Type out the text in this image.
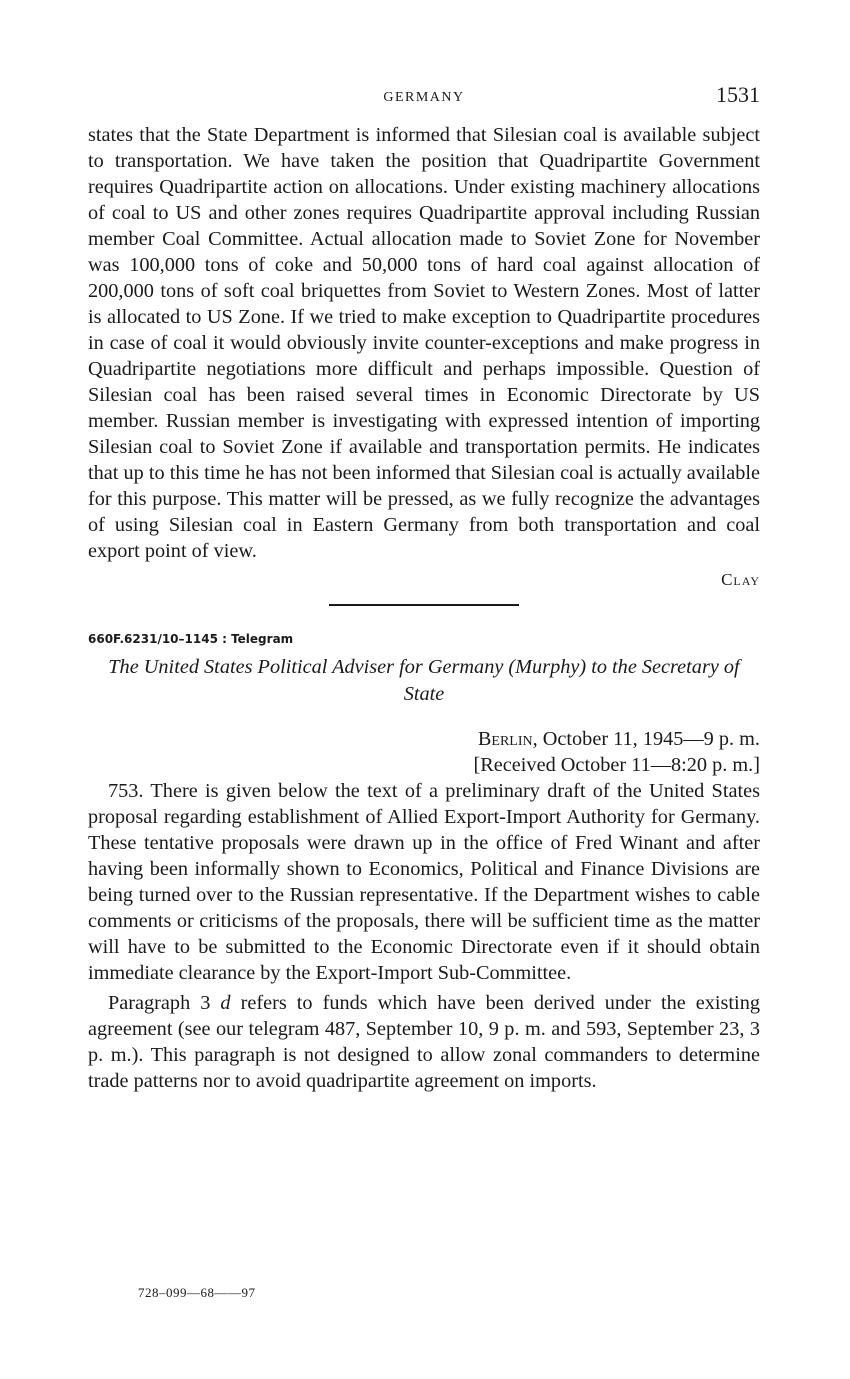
GERMANY	1531

states that the State Department is informed that Silesian coal is available subject to transportation. We have taken the position that Quadripartite Government requires Quadripartite action on allocations. Under existing machinery allocations of coal to US and other zones requires Quadripartite approval including Russian member Coal Committee. Actual allocation made to Soviet Zone for November was 100,000 tons of coke and 50,000 tons of hard coal against allocation of 200,000 tons of soft coal briquettes from Soviet to Western Zones. Most of latter is allocated to US Zone. If we tried to make exception to Quadripartite procedures in case of coal it would obviously invite counter-exceptions and make progress in Quadripartite negotiations more difficult and perhaps impossible. Question of Silesian coal has been raised several times in Economic Directorate by US member. Russian member is investigating with expressed intention of importing Silesian coal to Soviet Zone if available and transportation permits. He indicates that up to this time he has not been informed that Silesian coal is actually available for this purpose. This matter will be pressed, as we fully recognize the advantages of using Silesian coal in Eastern Germany from both transportation and coal export point of view.

Clay
660F.6231/10–1145 : Telegram
The United States Political Adviser for Germany (Murphy) to the Secretary of State
Berlin, October 11, 1945—9 p. m.
[Received October 11—8:20 p. m.]

753. There is given below the text of a preliminary draft of the United States proposal regarding establishment of Allied Export-Import Authority for Germany. These tentative proposals were drawn up in the office of Fred Winant and after having been informally shown to Economics, Political and Finance Divisions are being turned over to the Russian representative. If the Department wishes to cable comments or criticisms of the proposals, there will be sufficient time as the matter will have to be submitted to the Economic Directorate even if it should obtain immediate clearance by the Export-Import Sub-Committee.

Paragraph 3 d refers to funds which have been derived under the existing agreement (see our telegram 487, September 10, 9 p. m. and 593, September 23, 3 p. m.). This paragraph is not designed to allow zonal commanders to determine trade patterns nor to avoid quadripartite agreement on imports.

728–099—68——97
